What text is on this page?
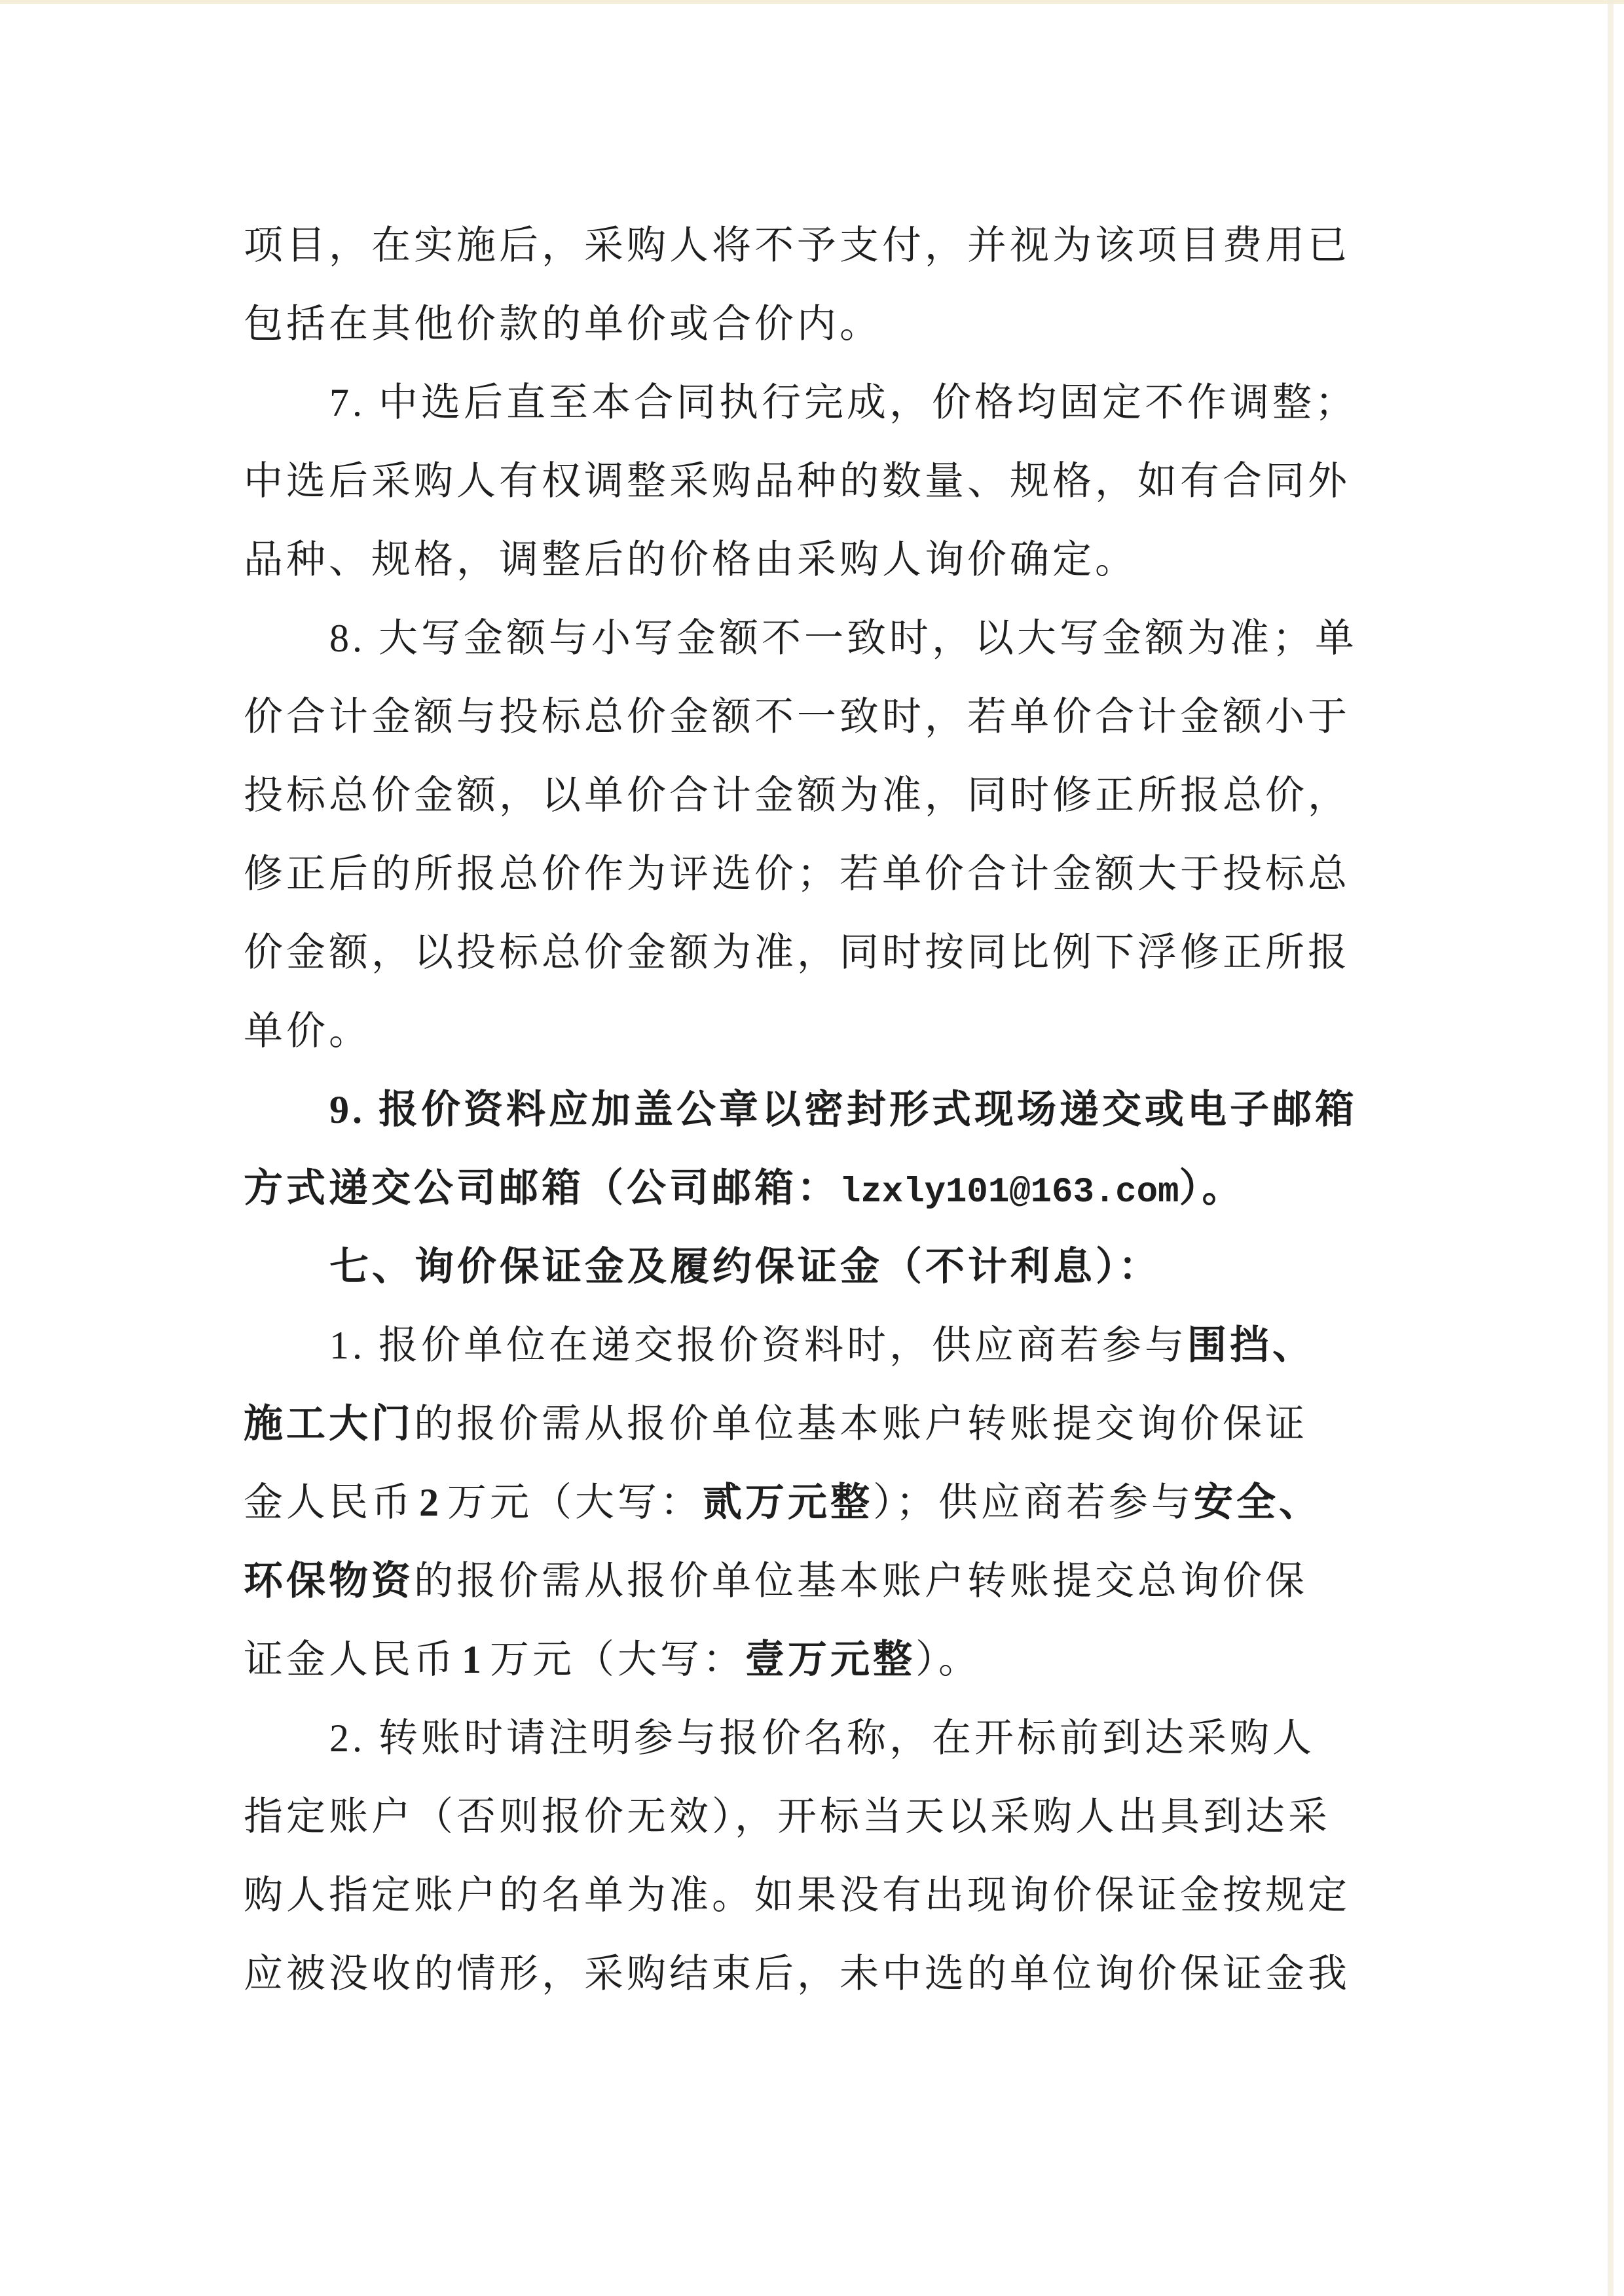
项目，在实施后，采购人将不予支付，并视为该项目费用已
包括在其他价款的单价或合价内。
7. 中选后直至本合同执行完成，价格均固定不作调整；
中选后采购人有权调整采购品种的数量、规格，如有合同外
品种、规格，调整后的价格由采购人询价确定。
8. 大写金额与小写金额不一致时，以大写金额为准；单
价合计金额与投标总价金额不一致时，若单价合计金额小于
投标总价金额，以单价合计金额为准，同时修正所报总价，
修正后的所报总价作为评选价；若单价合计金额大于投标总
价金额，以投标总价金额为准，同时按同比例下浮修正所报
单价。
9. 报价资料应加盖公章以密封形式现场递交或电子邮箱
方式递交公司邮箱（公司邮箱：lzxly101@163.com）。
七、询价保证金及履约保证金（不计利息）：
1. 报价单位在递交报价资料时，供应商若参与围挡、
施工大门的报价需从报价单位基本账户转账提交询价保证
金人民币 2 万元（大写：贰万元整）；供应商若参与安全、
环保物资的报价需从报价单位基本账户转账提交总询价保
证金人民币 1 万元（大写：壹万元整）。
2. 转账时请注明参与报价名称，在开标前到达采购人
指定账户（否则报价无效），开标当天以采购人出具到达采
购人指定账户的名单为准。如果没有出现询价保证金按规定
应被没收的情形，采购结束后，未中选的单位询价保证金我
